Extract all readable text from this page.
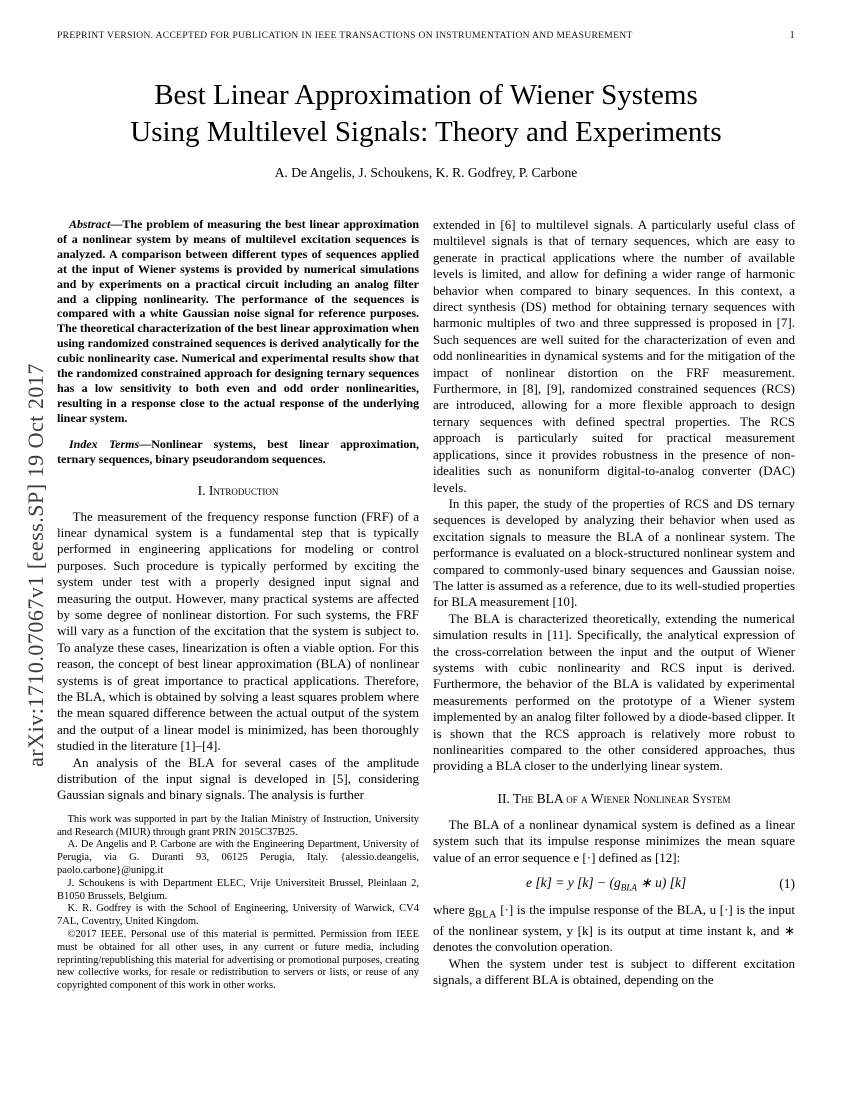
arXiv:1710.07067v1 [eess.SP] 19 Oct 2017
PREPRINT VERSION. ACCEPTED FOR PUBLICATION IN IEEE TRANSACTIONS ON INSTRUMENTATION AND MEASUREMENT	1
Best Linear Approximation of Wiener Systems
Using Multilevel Signals: Theory and Experiments
A. De Angelis, J. Schoukens, K. R. Godfrey, P. Carbone

Abstract—The problem of measuring the best linear approximation of a nonlinear system by means of multilevel excitation sequences is analyzed. A comparison between different types of sequences applied at the input of Wiener systems is provided by numerical simulations and by experiments on a practical circuit including an analog filter and a clipping nonlinearity. The performance of the sequences is compared with a white Gaussian noise signal for reference purposes. The theoretical characterization of the best linear approximation when using randomized constrained sequences is derived analytically for the cubic nonlinearity case. Numerical and experimental results show that the randomized constrained approach for designing ternary sequences has a low sensitivity to both even and odd order nonlinearities, resulting in a response close to the actual response of the underlying linear system.

Index Terms—Nonlinear systems, best linear approximation, ternary sequences, binary pseudorandom sequences.

I. Introduction

The measurement of the frequency response function (FRF) of a linear dynamical system is a fundamental step that is typically performed in engineering applications for modeling or control purposes. Such procedure is typically performed by exciting the system under test with a properly designed input signal and measuring the output. However, many practical systems are affected by some degree of nonlinear distortion. For such systems, the FRF will vary as a function of the excitation that the system is subject to. To analyze these cases, linearization is often a viable option. For this reason, the concept of best linear approximation (BLA) of nonlinear systems is of great importance to practical applications. Therefore, the BLA, which is obtained by solving a least squares problem where the mean squared difference between the actual output of the system and the output of a linear model is minimized, has been thoroughly studied in the literature [1]–[4].

An analysis of the BLA for several cases of the amplitude distribution of the input signal is developed in [5], considering Gaussian signals and binary signals. The analysis is further

This work was supported in part by the Italian Ministry of Instruction, University and Research (MIUR) through grant PRIN 2015C37B25.

A. De Angelis and P. Carbone are with the Engineering Department, University of Perugia, via G. Duranti 93, 06125 Perugia, Italy. {alessio.deangelis, paolo.carbone}@unipg.it

J. Schoukens is with Department ELEC, Vrije Universiteit Brussel, Pleinlaan 2, B1050 Brussels, Belgium.

K. R. Godfrey is with the School of Engineering, University of Warwick, CV4 7AL, Coventry, United Kingdom.

©2017 IEEE. Personal use of this material is permitted. Permission from IEEE must be obtained for all other uses, in any current or future media, including reprinting/republishing this material for advertising or promotional purposes, creating new collective works, for resale or redistribution to servers or lists, or reuse of any copyrighted component of this work in other works.

extended in [6] to multilevel signals. A particularly useful class of multilevel signals is that of ternary sequences, which are easy to generate in practical applications where the number of available levels is limited, and allow for defining a wider range of harmonic behavior when compared to binary sequences. In this context, a direct synthesis (DS) method for obtaining ternary sequences with harmonic multiples of two and three suppressed is proposed in [7]. Such sequences are well suited for the characterization of even and odd nonlinearities in dynamical systems and for the mitigation of the impact of nonlinear distortion on the FRF measurement. Furthermore, in [8], [9], randomized constrained sequences (RCS) are introduced, allowing for a more flexible approach to design ternary sequences with defined spectral properties. The RCS approach is particularly suited for practical measurement applications, since it provides robustness in the presence of non-idealities such as nonuniform digital-to-analog converter (DAC) levels.

In this paper, the study of the properties of RCS and DS ternary sequences is developed by analyzing their behavior when used as excitation signals to measure the BLA of a nonlinear system. The performance is evaluated on a block-structured nonlinear system and compared to commonly-used binary sequences and Gaussian noise. The latter is assumed as a reference, due to its well-studied properties for BLA measurement [10].

The BLA is characterized theoretically, extending the numerical simulation results in [11]. Specifically, the analytical expression of the cross-correlation between the input and the output of Wiener systems with cubic nonlinearity and RCS input is derived. Furthermore, the behavior of the BLA is validated by experimental measurements performed on the prototype of a Wiener system implemented by an analog filter followed by a diode-based clipper. It is shown that the RCS approach is relatively more robust to nonlinearities compared to the other considered approaches, thus providing a BLA closer to the underlying linear system.

II. The BLA of a Wiener Nonlinear System

The BLA of a nonlinear dynamical system is defined as a linear system such that its impulse response minimizes the mean square value of an error sequence e [·] defined as [12]:

e [k] = y $[k] - (g_{BLA}$ ∗ u) [k]	(1)

where $g_{BLA}$ [·] is the impulse response of the BLA, u [·] is the input of the nonlinear system, y [k] is its output at time instant k, and ∗ denotes the convolution operation.

When the system under test is subject to different excitation signals, a different BLA is obtained, depending on the
